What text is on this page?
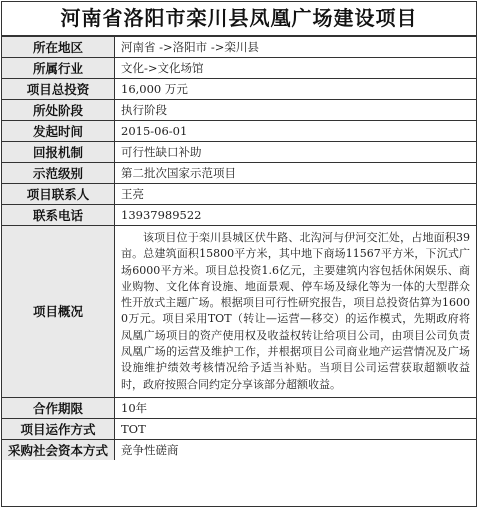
河南省洛阳市栾川县凤凰广场建设项目
所在地区	河南省 ->洛阳市 ->栾川县
所属行业	文化->文化场馆
项目总投资	16,000 万元
所处阶段	执行阶段
发起时间	2015-06-01
回报机制	可行性缺口补助
示范级别	第二批次国家示范项目
项目联系人	王亮
联系电话	13937989522
项目概况	该项目位于栾川县城区伏牛路、北沟河与伊河交汇处，占地面积39亩。总建筑面积15800平方米，其中地下商场11567平方米，下沉式广场6000平方米。项目总投资1.6亿元，主要建筑内容包括休闲娱乐、商业购物、文化体育设施、地面景观、停车场及绿化等为一体的大型群众性开放式主题广场。根据项目可行性研究报告，项目总投资估算为16000万元。项目采用TOT（转让—运营—移交）的运作模式，先期政府将凤凰广场项目的资产使用权及收益权转让给项目公司，由项目公司负责凤凰广场的运营及维护工作，并根据项目公司商业地产运营情况及广场设施维护绩效考核情况给予适当补贴。当项目公司运营获取超额收益时，政府按照合同约定分享该部分超额收益。
合作期限	10年
项目运作方式	TOT
采购社会资本方式	竞争性磋商
